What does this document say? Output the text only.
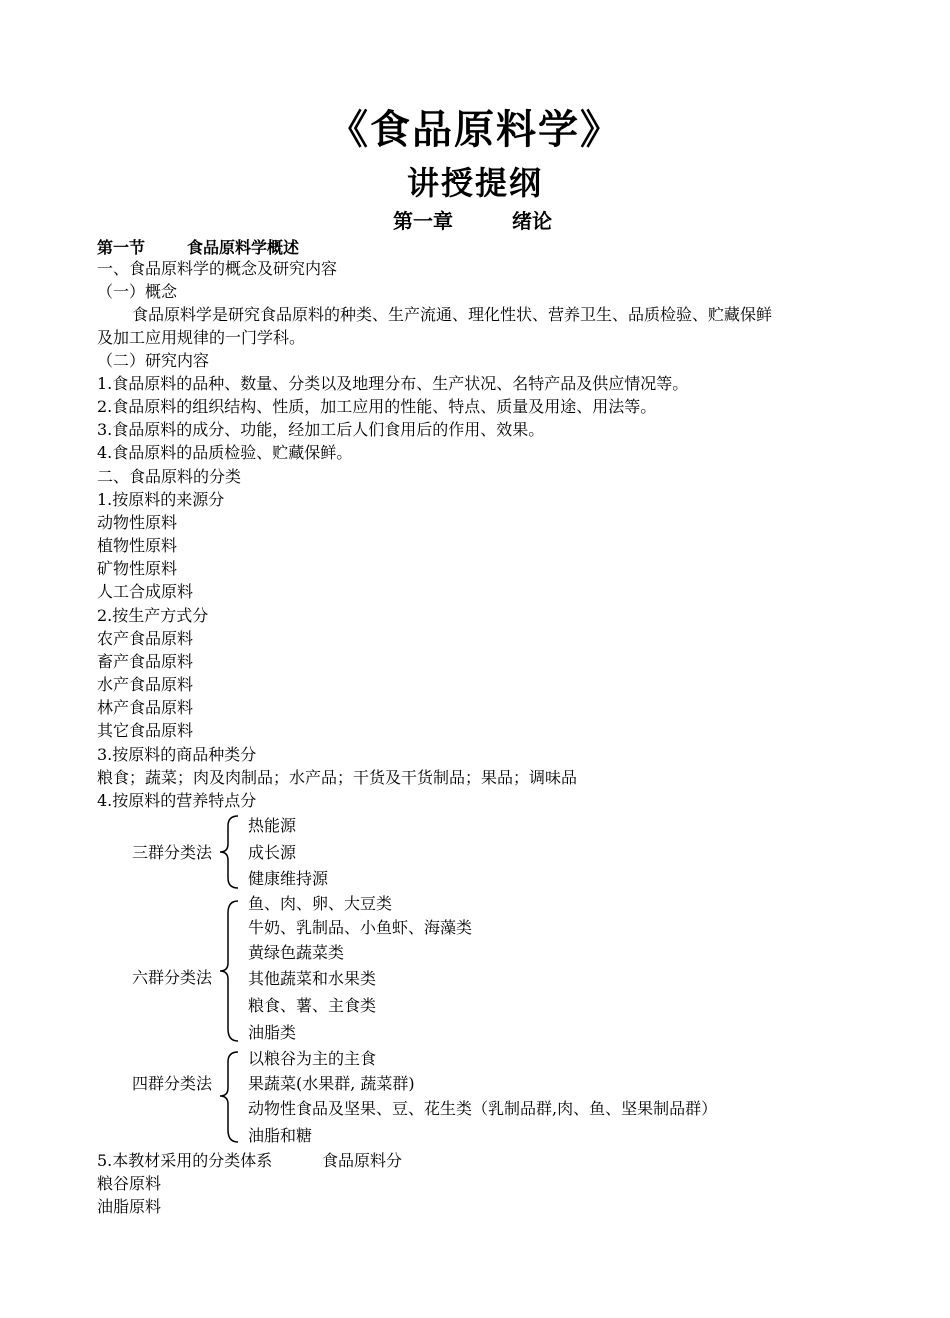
《食品原料学》
讲授提纲
第一章	绪论
第一节	食品原料学概述
一、食品原料学的概念及研究内容
（一）概念
食品原料学是研究食品原料的种类、生产流通、理化性状、营养卫生、品质检验、贮藏保鲜
及加工应用规律的一门学科。
（二）研究内容
1.食品原料的品种、数量、分类以及地理分布、生产状况、名特产品及供应情况等。
2.食品原料的组织结构、性质，加工应用的性能、特点、质量及用途、用法等。
3.食品原料的成分、功能，经加工后人们食用后的作用、效果。
4.食品原料的品质检验、贮藏保鲜。
二、食品原料的分类
1.按原料的来源分
动物性原料
植物性原料
矿物性原料
人工合成原料
2.按生产方式分
农产食品原料
畜产食品原料
水产食品原料
林产食品原料
其它食品原料
3.按原料的商品种类分
粮食；蔬菜；肉及肉制品；水产品；干货及干货制品；果品；调味品
4.按原料的营养特点分
三群分类法
热能源
成长源
健康维持源
六群分类法
鱼、肉、卵、大豆类
牛奶、乳制品、小鱼虾、海藻类
黄绿色蔬菜类
其他蔬菜和水果类
粮食、薯、主食类
油脂类
四群分类法
以粮谷为主的主食
果蔬菜(水果群, 蔬菜群)
动物性食品及坚果、豆、花生类（乳制品群,肉、鱼、坚果制品群）
油脂和糖
5.本教材采用的分类体系	食品原料分
粮谷原料
油脂原料
